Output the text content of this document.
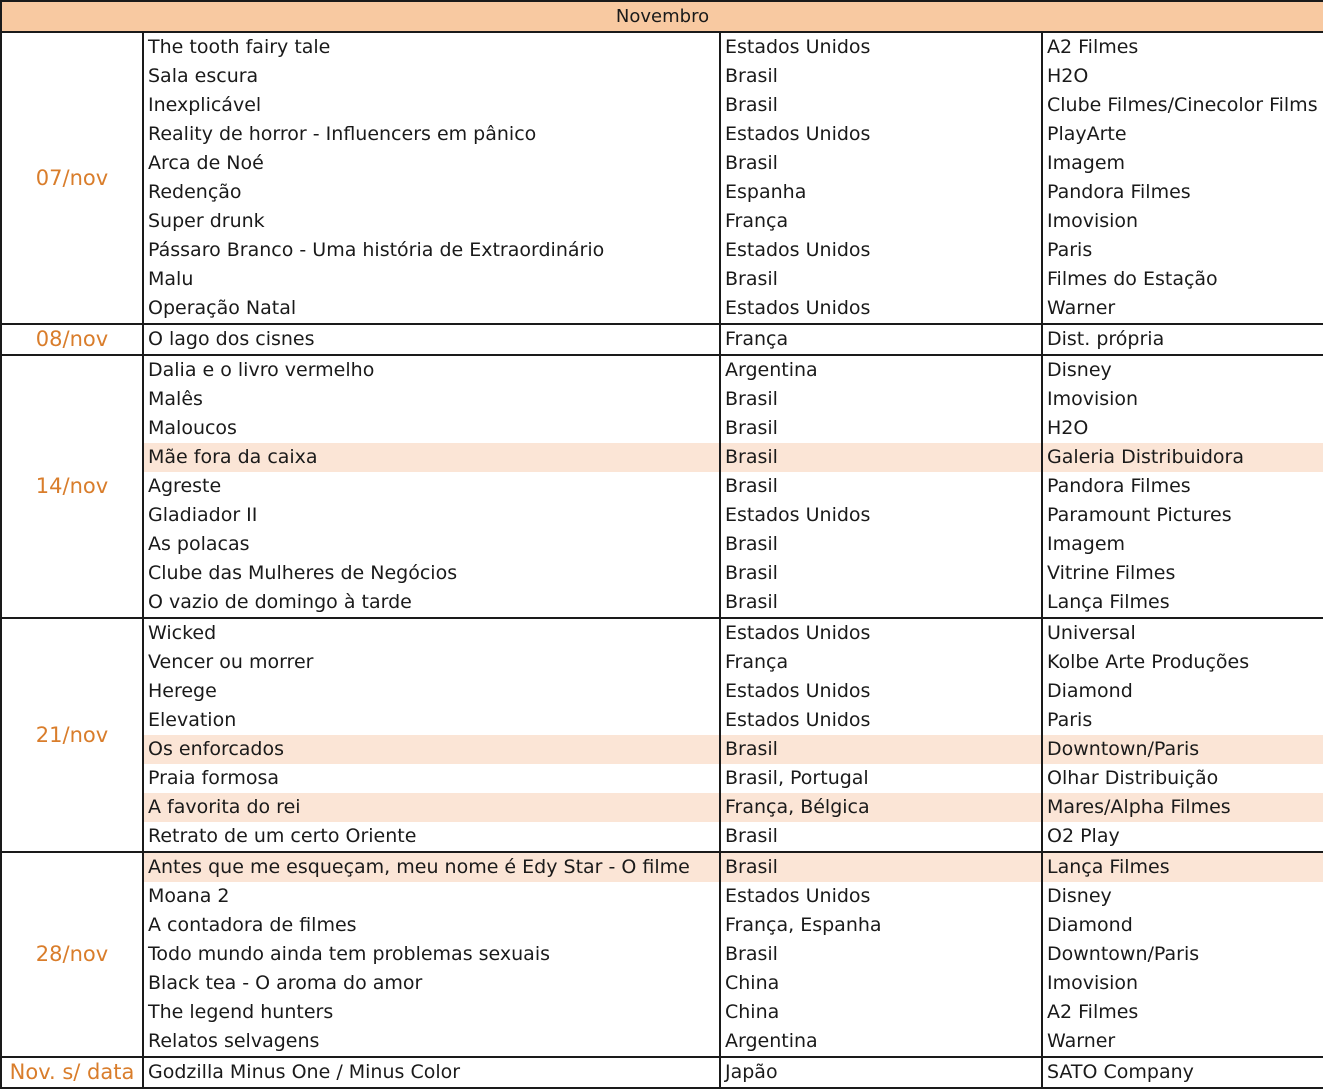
Novembro			
07/nov	The tooth fairy tale	Estados Unidos	A2 Filmes
	Sala escura	Brasil	H2O
	Inexplicável	Brasil	Clube Filmes/Cinecolor Films
	Reality de horror - Influencers em pânico	Estados Unidos	PlayArte
	Arca de Noé	Brasil	Imagem
	Redenção	Espanha	Pandora Filmes
	Super drunk	França	Imovision
	Pássaro Branco - Uma história de Extraordinário	Estados Unidos	Paris
	Malu	Brasil	Filmes do Estação
	Operação Natal	Estados Unidos	Warner
08/nov	O lago dos cisnes	França	Dist. própria
14/nov	Dalia e o livro vermelho	Argentina	Disney
	Malês	Brasil	Imovision
	Maloucos	Brasil	H2O
	Mãe fora da caixa	Brasil	Galeria Distribuidora
	Agreste	Brasil	Pandora Filmes
	Gladiador II	Estados Unidos	Paramount Pictures
	As polacas	Brasil	Imagem
	Clube das Mulheres de Negócios	Brasil	Vitrine Filmes
	O vazio de domingo à tarde	Brasil	Lança Filmes
21/nov	Wicked	Estados Unidos	Universal
	Vencer ou morrer	França	Kolbe Arte Produções
	Herege	Estados Unidos	Diamond
	Elevation	Estados Unidos	Paris
	Os enforcados	Brasil	Downtown/Paris
	Praia formosa	Brasil, Portugal	Olhar Distribuição
	A favorita do rei	França, Bélgica	Mares/Alpha Filmes
	Retrato de um certo Oriente	Brasil	O2 Play
28/nov	Antes que me esqueçam, meu nome é Edy Star - O filme	Brasil	Lança Filmes
	Moana 2	Estados Unidos	Disney
	A contadora de filmes	França, Espanha	Diamond
	Todo mundo ainda tem problemas sexuais	Brasil	Downtown/Paris
	Black tea - O aroma do amor	China	Imovision
	The legend hunters	China	A2 Filmes
	Relatos selvagens	Argentina	Warner
Nov. s/ data	Godzilla Minus One / Minus Color	Japão	SATO Company
